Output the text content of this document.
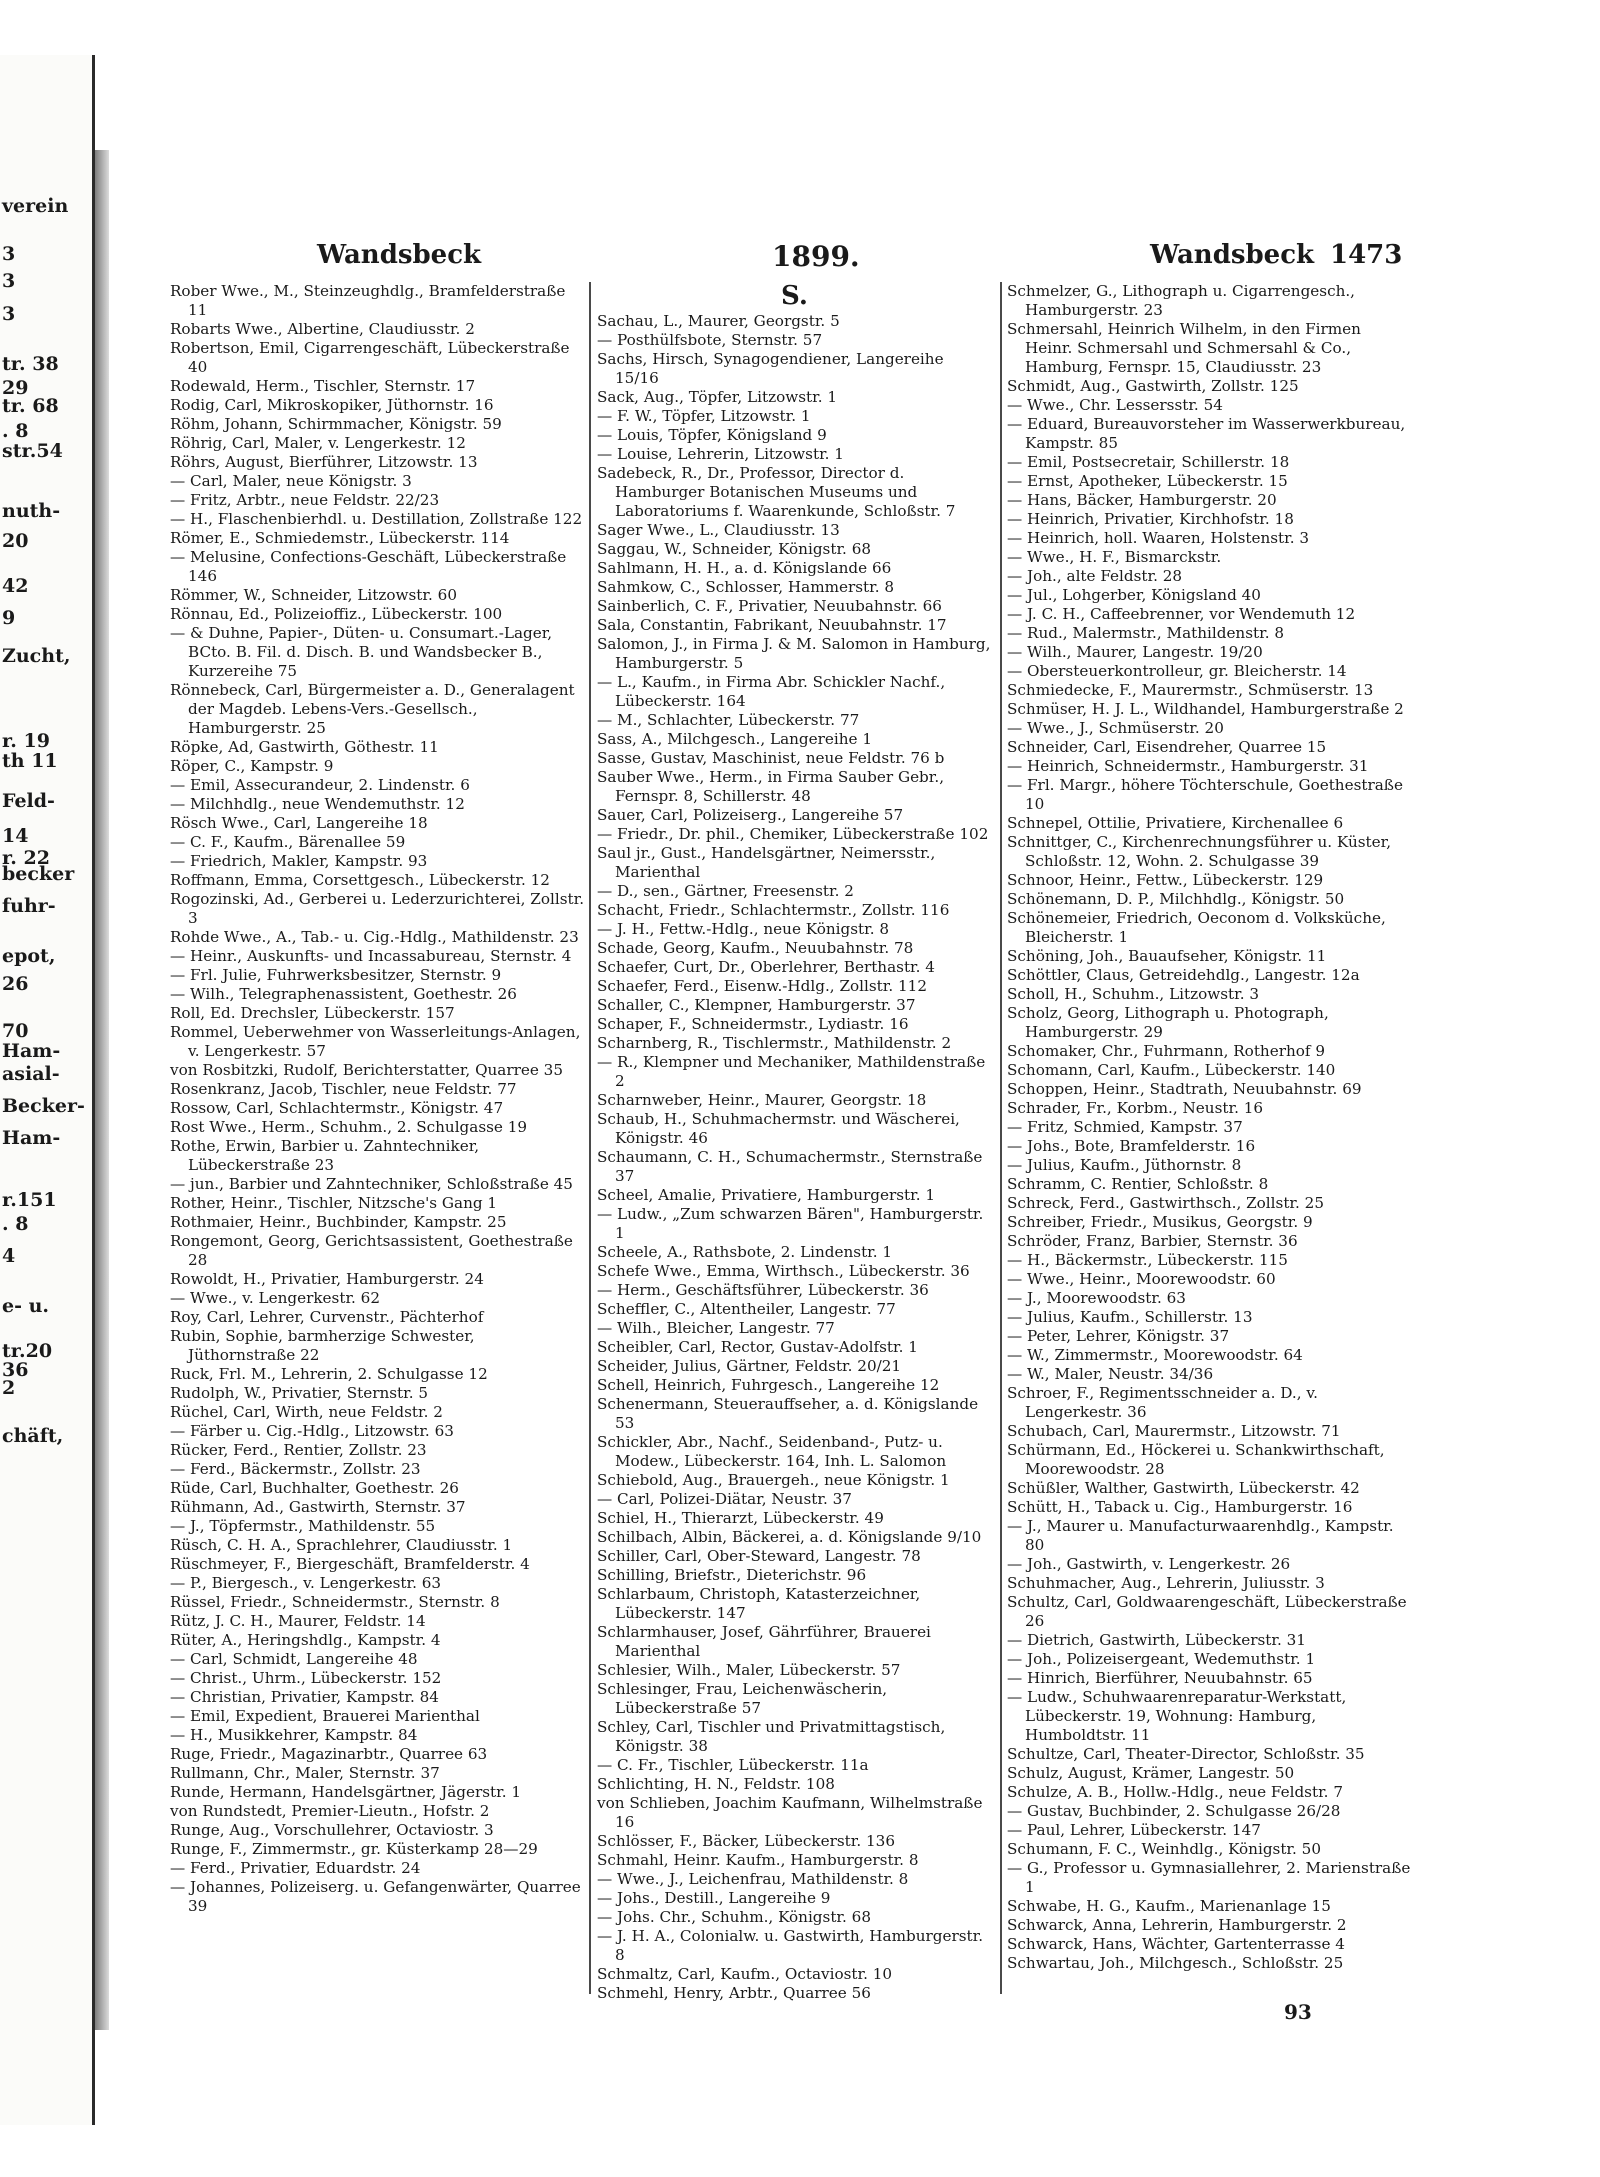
verein
3
3
3
tr. 38
29
tr. 68
. 8
str.54
nuth-
20
42
9
Zucht,
r. 19
th 11
Feld-
14
r. 22
becker
fuhr-
epot,
26
70
Ham-
asial-
Becker-
Ham-
r.151
. 8
4
e- u.
tr.20
36
2
chäft,
Wandsbeck	1899.	Wandsbeck 1473

Rober Wwe., M., Steinzeughdlg., Bramfelderstraße 11

Robarts Wwe., Albertine, Claudiusstr. 2

Robertson, Emil, Cigarrengeschäft, Lübeckerstraße 40

Rodewald, Herm., Tischler, Sternstr. 17

Rodig, Carl, Mikroskopiker, Jüthornstr. 16

Röhm, Johann, Schirmmacher, Königstr. 59

Röhrig, Carl, Maler, v. Lengerkestr. 12

Röhrs, August, Bierführer, Litzowstr. 13

— Carl, Maler, neue Königstr. 3

— Fritz, Arbtr., neue Feldstr. 22/23

— H., Flaschenbierhdl. u. Destillation, Zollstraße 122

Römer, E., Schmiedemstr., Lübeckerstr. 114

— Melusine, Confections-Geschäft, Lübeckerstraße 146

Römmer, W., Schneider, Litzowstr. 60

Rönnau, Ed., Polizeioffiz., Lübeckerstr. 100

— & Duhne, Papier-, Düten- u. Consumart.-Lager, BCto. B. Fil. d. Disch. B. und Wandsbecker B., Kurzereihe 75

Rönnebeck, Carl, Bürgermeister a. D., Generalagent der Magdeb. Lebens-Vers.-Gesellsch., Hamburgerstr. 25

Röpke, Ad, Gastwirth, Göthestr. 11

Röper, C., Kampstr. 9

— Emil, Assecurandeur, 2. Lindenstr. 6

— Milchhdlg., neue Wendemuthstr. 12

Rösch Wwe., Carl, Langereihe 18

— C. F., Kaufm., Bärenallee 59

— Friedrich, Makler, Kampstr. 93

Roffmann, Emma, Corsettgesch., Lübeckerstr. 12

Rogozinski, Ad., Gerberei u. Lederzurichterei, Zollstr. 3

Rohde Wwe., A., Tab.- u. Cig.-Hdlg., Mathildenstr. 23

— Heinr., Auskunfts- und Incassabureau, Sternstr. 4

— Frl. Julie, Fuhrwerksbesitzer, Sternstr. 9

— Wilh., Telegraphenassistent, Goethestr. 26

Roll, Ed. Drechsler, Lübeckerstr. 157

Rommel, Ueberwehmer von Wasserleitungs-Anlagen, v. Lengerkestr. 57

von Rosbitzki, Rudolf, Berichterstatter, Quarree 35

Rosenkranz, Jacob, Tischler, neue Feldstr. 77

Rossow, Carl, Schlachtermstr., Königstr. 47

Rost Wwe., Herm., Schuhm., 2. Schulgasse 19

Rothe, Erwin, Barbier u. Zahntechniker, Lübeckerstraße 23

— jun., Barbier und Zahntechniker, Schloßstraße 45

Rother, Heinr., Tischler, Nitzsche's Gang 1

Rothmaier, Heinr., Buchbinder, Kampstr. 25

Rongemont, Georg, Gerichtsassistent, Goethestraße 28

Rowoldt, H., Privatier, Hamburgerstr. 24

— Wwe., v. Lengerkestr. 62

Roy, Carl, Lehrer, Curvenstr., Pächterhof

Rubin, Sophie, barmherzige Schwester, Jüthornstraße 22

Ruck, Frl. M., Lehrerin, 2. Schulgasse 12

Rudolph, W., Privatier, Sternstr. 5

Rüchel, Carl, Wirth, neue Feldstr. 2

— Färber u. Cig.-Hdlg., Litzowstr. 63

Rücker, Ferd., Rentier, Zollstr. 23

— Ferd., Bäckermstr., Zollstr. 23

Rüde, Carl, Buchhalter, Goethestr. 26

Rühmann, Ad., Gastwirth, Sternstr. 37

— J., Töpfermstr., Mathildenstr. 55

Rüsch, C. H. A., Sprachlehrer, Claudiusstr. 1

Rüschmeyer, F., Biergeschäft, Bramfelderstr. 4

— P., Biergesch., v. Lengerkestr. 63

Rüssel, Friedr., Schneidermstr., Sternstr. 8

Rütz, J. C. H., Maurer, Feldstr. 14

Rüter, A., Heringshdlg., Kampstr. 4

— Carl, Schmidt, Langereihe 48

— Christ., Uhrm., Lübeckerstr. 152

— Christian, Privatier, Kampstr. 84

— Emil, Expedient, Brauerei Marienthal

— H., Musikkehrer, Kampstr. 84

Ruge, Friedr., Magazinarbtr., Quarree 63

Rullmann, Chr., Maler, Sternstr. 37

Runde, Hermann, Handelsgärtner, Jägerstr. 1

von Rundstedt, Premier-Lieutn., Hofstr. 2

Runge, Aug., Vorschullehrer, Octaviostr. 3

Runge, F., Zimmermstr., gr. Küsterkamp 28—29

— Ferd., Privatier, Eduardstr. 24

— Johannes, Polizeiserg. u. Gefangenwärter, Quarree 39

S.

Sachau, L., Maurer, Georgstr. 5

— Posthülfsbote, Sternstr. 57

Sachs, Hirsch, Synagogendiener, Langereihe 15/16

Sack, Aug., Töpfer, Litzowstr. 1

— F. W., Töpfer, Litzowstr. 1

— Louis, Töpfer, Königsland 9

— Louise, Lehrerin, Litzowstr. 1

Sadebeck, R., Dr., Professor, Director d. Hamburger Botanischen Museums und Laboratoriums f. Waarenkunde, Schloßstr. 7

Sager Wwe., L., Claudiusstr. 13

Saggau, W., Schneider, Königstr. 68

Sahlmann, H. H., a. d. Königslande 66

Sahmkow, C., Schlosser, Hammerstr. 8

Sainberlich, C. F., Privatier, Neuubahnstr. 66

Sala, Constantin, Fabrikant, Neuubahnstr. 17

Salomon, J., in Firma J. & M. Salomon in Hamburg, Hamburgerstr. 5

— L., Kaufm., in Firma Abr. Schickler Nachf., Lübeckerstr. 164

— M., Schlachter, Lübeckerstr. 77

Sass, A., Milchgesch., Langereihe 1

Sasse, Gustav, Maschinist, neue Feldstr. 76 b

Sauber Wwe., Herm., in Firma Sauber Gebr., Fernspr. 8, Schillerstr. 48

Sauer, Carl, Polizeiserg., Langereihe 57

— Friedr., Dr. phil., Chemiker, Lübeckerstraße 102

Saul jr., Gust., Handelsgärtner, Neimersstr., Marienthal

— D., sen., Gärtner, Freesenstr. 2

Schacht, Friedr., Schlachtermstr., Zollstr. 116

— J. H., Fettw.-Hdlg., neue Königstr. 8

Schade, Georg, Kaufm., Neuubahnstr. 78

Schaefer, Curt, Dr., Oberlehrer, Berthastr. 4

Schaefer, Ferd., Eisenw.-Hdlg., Zollstr. 112

Schaller, C., Klempner, Hamburgerstr. 37

Schaper, F., Schneidermstr., Lydiastr. 16

Scharnberg, R., Tischlermstr., Mathildenstr. 2

— R., Klempner und Mechaniker, Mathildenstraße 2

Scharnweber, Heinr., Maurer, Georgstr. 18

Schaub, H., Schuhmachermstr. und Wäscherei, Königstr. 46

Schaumann, C. H., Schumachermstr., Sternstraße 37

Scheel, Amalie, Privatiere, Hamburgerstr. 1

— Ludw., „Zum schwarzen Bären", Hamburgerstr. 1

Scheele, A., Rathsbote, 2. Lindenstr. 1

Schefe Wwe., Emma, Wirthsch., Lübeckerstr. 36

— Herm., Geschäftsführer, Lübeckerstr. 36

Scheffler, C., Altentheiler, Langestr. 77

— Wilh., Bleicher, Langestr. 77

Scheibler, Carl, Rector, Gustav-Adolfstr. 1

Scheider, Julius, Gärtner, Feldstr. 20/21

Schell, Heinrich, Fuhrgesch., Langereihe 12

Schenermann, Steuerauffseher, a. d. Königslande 53

Schickler, Abr., Nachf., Seidenband-, Putz- u. Modew., Lübeckerstr. 164, Inh. L. Salomon

Schiebold, Aug., Brauergeh., neue Königstr. 1

— Carl, Polizei-Diätar, Neustr. 37

Schiel, H., Thierarzt, Lübeckerstr. 49

Schilbach, Albin, Bäckerei, a. d. Königslande 9/10

Schiller, Carl, Ober-Steward, Langestr. 78

Schilling, Briefstr., Dieterichstr. 96

Schlarbaum, Christoph, Katasterzeichner, Lübeckerstr. 147

Schlarmhauser, Josef, Gährführer, Brauerei Marienthal

Schlesier, Wilh., Maler, Lübeckerstr. 57

Schlesinger, Frau, Leichenwäscherin, Lübeckerstraße 57

Schley, Carl, Tischler und Privatmittagstisch, Königstr. 38

— C. Fr., Tischler, Lübeckerstr. 11a

Schlichting, H. N., Feldstr. 108

von Schlieben, Joachim Kaufmann, Wilhelmstraße 16

Schlösser, F., Bäcker, Lübeckerstr. 136

Schmahl, Heinr. Kaufm., Hamburgerstr. 8

— Wwe., J., Leichenfrau, Mathildenstr. 8

— Johs., Destill., Langereihe 9

— Johs. Chr., Schuhm., Königstr. 68

— J. H. A., Colonialw. u. Gastwirth, Hamburgerstr. 8

Schmaltz, Carl, Kaufm., Octaviostr. 10

Schmehl, Henry, Arbtr., Quarree 56

Schmelzer, G., Lithograph u. Cigarrengesch., Hamburgerstr. 23

Schmersahl, Heinrich Wilhelm, in den Firmen Heinr. Schmersahl und Schmersahl & Co., Hamburg, Fernspr. 15, Claudiusstr. 23

Schmidt, Aug., Gastwirth, Zollstr. 125

— Wwe., Chr. Lessersstr. 54

— Eduard, Bureauvorsteher im Wasserwerkbureau, Kampstr. 85

— Emil, Postsecretair, Schillerstr. 18

— Ernst, Apotheker, Lübeckerstr. 15

— Hans, Bäcker, Hamburgerstr. 20

— Heinrich, Privatier, Kirchhofstr. 18

— Heinrich, holl. Waaren, Holstenstr. 3

— Wwe., H. F., Bismarckstr.

— Joh., alte Feldstr. 28

— Jul., Lohgerber, Königsland 40

— J. C. H., Caffeebrenner, vor Wendemuth 12

— Rud., Malermstr., Mathildenstr. 8

— Wilh., Maurer, Langestr. 19/20

— Obersteuerkontrolleur, gr. Bleicherstr. 14

Schmiedecke, F., Maurermstr., Schmüserstr. 13

Schmüser, H. J. L., Wildhandel, Hamburgerstraße 2

— Wwe., J., Schmüserstr. 20

Schneider, Carl, Eisendreher, Quarree 15

— Heinrich, Schneidermstr., Hamburgerstr. 31

— Frl. Margr., höhere Töchterschule, Goethestraße 10

Schnepel, Ottilie, Privatiere, Kirchenallee 6

Schnittger, C., Kirchenrechnungsführer u. Küster, Schloßstr. 12, Wohn. 2. Schulgasse 39

Schnoor, Heinr., Fettw., Lübeckerstr. 129

Schönemann, D. P., Milchhdlg., Königstr. 50

Schönemeier, Friedrich, Oeconom d. Volksküche, Bleicherstr. 1

Schöning, Joh., Bauaufseher, Königstr. 11

Schöttler, Claus, Getreidehdlg., Langestr. 12a

Scholl, H., Schuhm., Litzowstr. 3

Scholz, Georg, Lithograph u. Photograph, Hamburgerstr. 29

Schomaker, Chr., Fuhrmann, Rotherhof 9

Schomann, Carl, Kaufm., Lübeckerstr. 140

Schoppen, Heinr., Stadtrath, Neuubahnstr. 69

Schrader, Fr., Korbm., Neustr. 16

— Fritz, Schmied, Kampstr. 37

— Johs., Bote, Bramfelderstr. 16

— Julius, Kaufm., Jüthornstr. 8

Schramm, C. Rentier, Schloßstr. 8

Schreck, Ferd., Gastwirthsch., Zollstr. 25

Schreiber, Friedr., Musikus, Georgstr. 9

Schröder, Franz, Barbier, Sternstr. 36

— H., Bäckermstr., Lübeckerstr. 115

— Wwe., Heinr., Moorewoodstr. 60

— J., Moorewoodstr. 63

— Julius, Kaufm., Schillerstr. 13

— Peter, Lehrer, Königstr. 37

— W., Zimmermstr., Moorewoodstr. 64

— W., Maler, Neustr. 34/36

Schroer, F., Regimentsschneider a. D., v. Lengerkestr. 36

Schubach, Carl, Maurermstr., Litzowstr. 71

Schürmann, Ed., Höckerei u. Schankwirthschaft, Moorewoodstr. 28

Schüßler, Walther, Gastwirth, Lübeckerstr. 42

Schütt, H., Taback u. Cig., Hamburgerstr. 16

— J., Maurer u. Manufacturwaarenhdlg., Kampstr. 80

— Joh., Gastwirth, v. Lengerkestr. 26

Schuhmacher, Aug., Lehrerin, Juliusstr. 3

Schultz, Carl, Goldwaarengeschäft, Lübeckerstraße 26

— Dietrich, Gastwirth, Lübeckerstr. 31

— Joh., Polizeisergeant, Wedemuthstr. 1

— Hinrich, Bierführer, Neuubahnstr. 65

— Ludw., Schuhwaarenreparatur-Werkstatt, Lübeckerstr. 19, Wohnung: Hamburg, Humboldtstr. 11

Schultze, Carl, Theater-Director, Schloßstr. 35

Schulz, August, Krämer, Langestr. 50

Schulze, A. B., Hollw.-Hdlg., neue Feldstr. 7

— Gustav, Buchbinder, 2. Schulgasse 26/28

— Paul, Lehrer, Lübeckerstr. 147

Schumann, F. C., Weinhdlg., Königstr. 50

— G., Professor u. Gymnasiallehrer, 2. Marienstraße 1

Schwabe, H. G., Kaufm., Marienanlage 15

Schwarck, Anna, Lehrerin, Hamburgerstr. 2

Schwarck, Hans, Wächter, Gartenterrasse 4

Schwartau, Joh., Milchgesch., Schloßstr. 25

93
